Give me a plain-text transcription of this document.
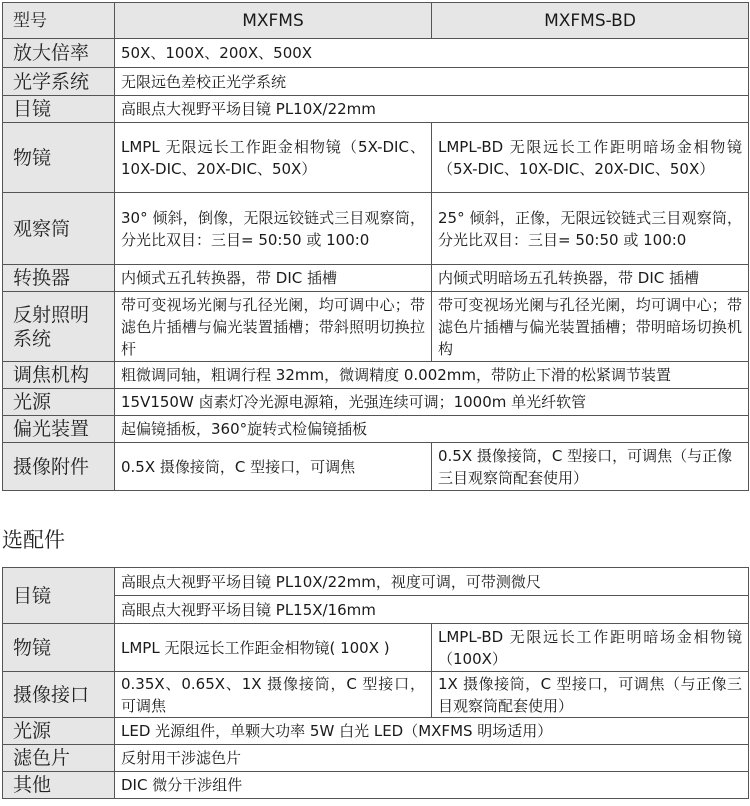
型号	MXFMS	MXFMS-BD
放大倍率	50X、100X、200X、500X	
光学系统	无限远色差校正光学系统	
目镜	高眼点大视野平场目镜 PL10X/22mm	
物镜	LMPL 无限远长工作距金相物镜（5X-DIC、10X-DIC、20X-DIC、50X）	LMPL-BD 无限远长工作距明暗场金相物镜（5X-DIC、10X-DIC、20X-DIC、50X）
观察筒	30° 倾斜，倒像，无限远铰链式三目观察筒，分光比双目：三目= 50:50 或 100:0	25° 倾斜，正像，无限远铰链式三目观察筒，分光比双目：三目= 50:50 或 100:0
转换器	内倾式五孔转换器，带 DIC 插槽	内倾式明暗场五孔转换器，带 DIC 插槽
反射照明系统	带可变视场光阑与孔径光阑，均可调中心；带滤色片插槽与偏光装置插槽；带斜照明切换拉杆	带可变视场光阑与孔径光阑，均可调中心；带滤色片插槽与偏光装置插槽；带明暗场切换机构
调焦机构	粗微调同轴，粗调行程 32mm，微调精度 0.002mm，带防止下滑的松紧调节装置	
光源	15V150W 卤素灯冷光源电源箱，光强连续可调；1000m 单光纤软管	
偏光装置	起偏镜插板，360°旋转式检偏镜插板	
摄像附件	0.5X 摄像接筒，C 型接口，可调焦	0.5X 摄像接筒，C 型接口，可调焦（与正像三目观察筒配套使用）
选配件
目镜	高眼点大视野平场目镜 PL10X/22mm，视度可调，可带测微尺	
	高眼点大视野平场目镜 PL15X/16mm	
物镜	LMPL 无限远长工作距金相物镜( 100X )	LMPL-BD 无限远长工作距明暗场金相物镜（100X）
摄像接口	0.35X、0.65X、1X 摄像接筒，C 型接口，可调焦	1X 摄像接筒，C 型接口，可调焦（与正像三目观察筒配套使用）
光源	LED 光源组件，单颗大功率 5W 白光 LED（MXFMS 明场适用）	
滤色片	反射用干涉滤色片	
其他	DIC 微分干涉组件	
